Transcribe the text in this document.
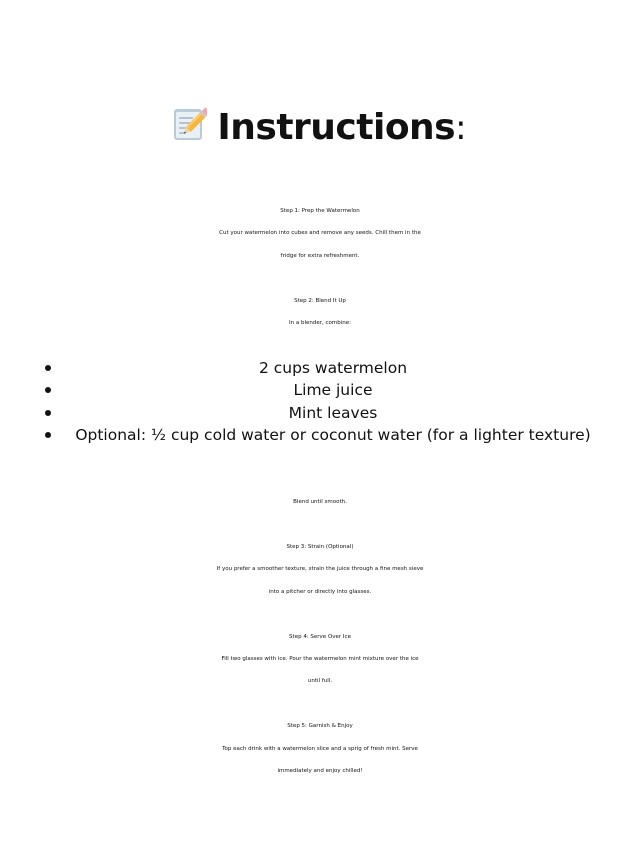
Instructions:
Step 1: Prep the Watermelon
Cut your watermelon into cubes and remove any seeds. Chill them in the
fridge for extra refreshment.
Step 2: Blend It Up
In a blender, combine:
2 cups watermelon
Lime juice
Mint leaves
Optional: ½ cup cold water or coconut water (for a lighter texture)
Blend until smooth.
Step 3: Strain (Optional)
If you prefer a smoother texture, strain the juice through a fine mesh sieve
into a pitcher or directly into glasses.
Step 4: Serve Over Ice
Fill two glasses with ice. Pour the watermelon mint mixture over the ice
until full.
Step 5: Garnish & Enjoy
Top each drink with a watermelon slice and a sprig of fresh mint. Serve
immediately and enjoy chilled!
